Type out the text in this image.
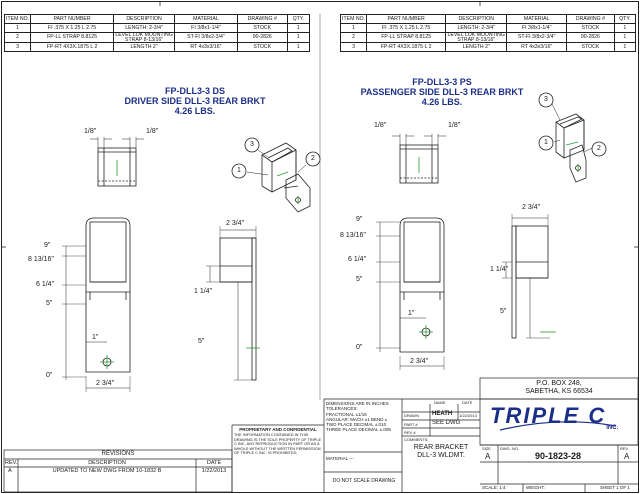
ITEM NO.	PART NUMBER	DESCRIPTION	MATERIAL	DRAWING #	QTY.
1	FI .375 X 1.25 L 2.75	LENGTH: 2-3/4"	FI 3/8x1-1/4"	STOCK	1
2	FP-LL STRAP 8.8125	LEVEL LOK MOUNTING STRAP 8-13/16"	ST-FI 3/8x2-3/4"	90-2826	1
3	FP-RT 4X3X.1875 L 2	LENGTH 2"	RT 4x3x3/16"	STOCK	1
ITEM NO.	PART NUMBER	DESCRIPTION	MATERIAL	DRAWING #	QTY.
1	FI .375 X 1.25 L 2.75	LENGTH: 2-3/4"	FI 3/8x1-1/4"	STOCK	1
2	FP-LL STRAP 8.8125	LEVEL LOK MOUNTING STRAP 8-13/16"	ST-FI 3/8x2-3/4"	90-2826	1
3	FP-RT 4X3X.1875 L 2	LENGTH 2"	RT 4x3x3/16"	STOCK	1
FP-DLL3-3 DS
DRIVER SIDE DLL-3 REAR BRKT
4.26 LBS.
FP-DLL3-3 PS
PASSENGER SIDE DLL-3 REAR BRKT
4.26 LBS.
1/8"	1/8"
9"
8 13/16"
6 1/4"
5"
1"
0"
2 3/4"
2 3/4"
1 1/4"
5"
1
2
3
1/8"	1/8"
9"
8 13/16"
6 1/4"
5"
1"
0"
2 3/4"
2 3/4"
1 1/4"
5"
1
2
3
REVISIONS
REV.	DESCRIPTION	DATE
A	UPDATED TO NEW DWG FROM 10-1832 B	1/22/2013
PROPRIETARY AND CONFIDENTIAL
THE INFORMATION CONTAINED IN THIS DRAWING IS THE SOLE PROPERTY OF TRIPLE C INC. ANY REPRODUCTION IN PART OR AS A WHOLE WITHOUT THE WRITTEN PERMISSION OF TRIPLE C INC. IS PROHIBITED.
DIMENSIONS ARE IN INCHES
TOLERANCES:
FRACTIONAL ±1/16
ANGULAR: MACH ±1 BEND ±
TWO PLACE DECIMAL ±.010
THREE PLACE DECIMAL ±.005
MATERIAL ---
DO NOT SCALE DRAWING
NAME	DATE
DRAWN HEATH 1/22/2013
PART # SEE DWG
REV #
COMMENTS:
REAR BRACKET
DLL-3 WLDMT.
P.O. BOX 248,
SABETHA, KS 66534
TRIPLE $C_{INC.}$
SIZE
A
DWG. NO.
90-1823-28
REV.
A
SCALE: 1:4	WEIGHT:	SHEET 1 OF 1
